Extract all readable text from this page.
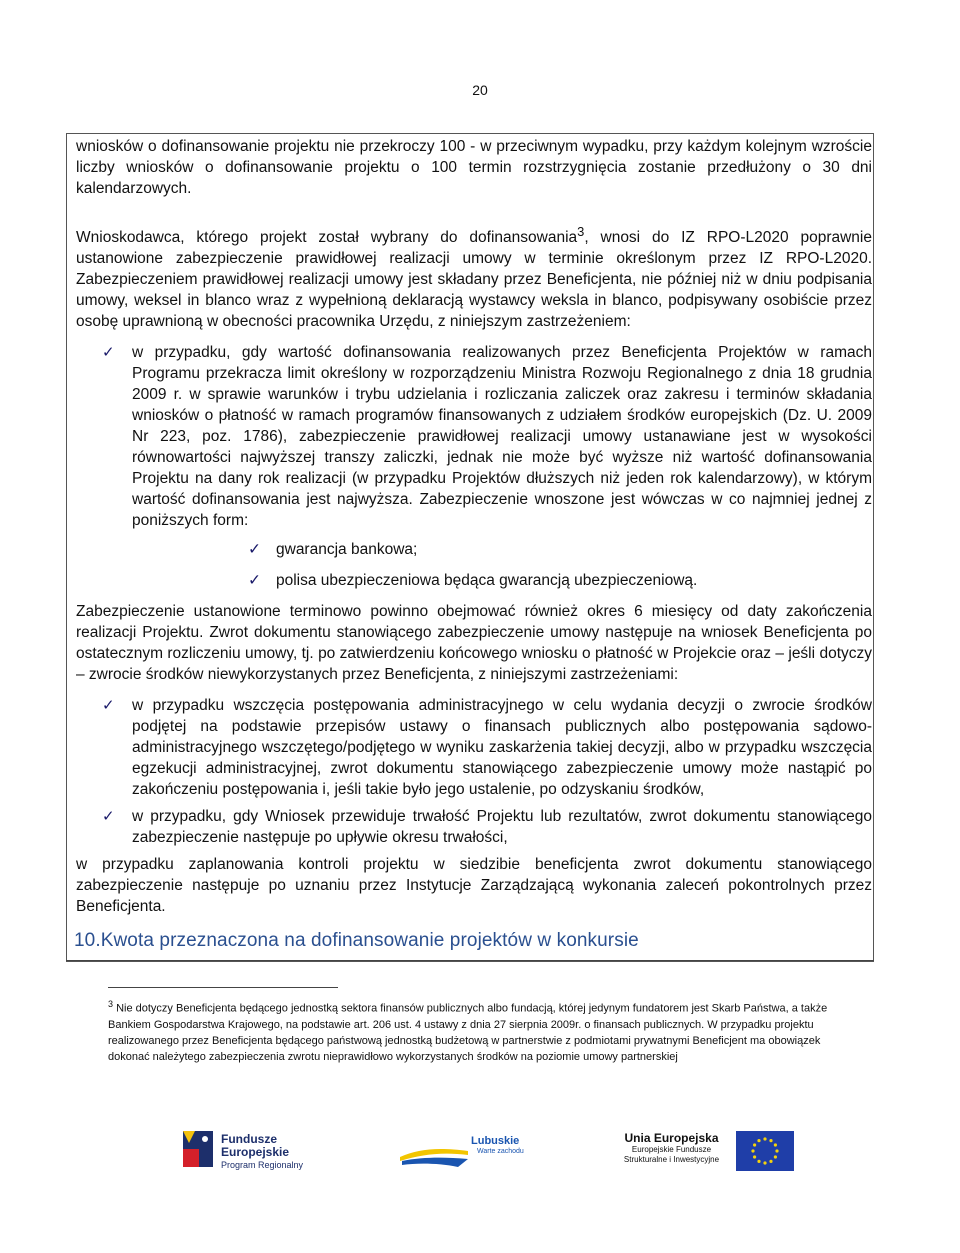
20

wniosków o dofinansowanie projektu nie przekroczy 100 - w przeciwnym wypadku, przy każdym kolejnym wzroście liczby wniosków o dofinansowanie projektu o 100 termin rozstrzygnięcia zostanie przedłużony o 30 dni kalendarzowych.

Wnioskodawca, którego projekt został wybrany do dofinansowania$^3$, wnosi do IZ RPO-L2020 poprawnie ustanowione zabezpieczenie prawidłowej realizacji umowy w terminie określonym przez IZ RPO-L2020. Zabezpieczeniem prawidłowej realizacji umowy jest składany przez Beneficjenta, nie później niż w dniu podpisania umowy, weksel in blanco wraz z wypełnioną deklaracją wystawcy weksla in blanco, podpisywany osobiście przez osobę uprawnioną w obecności pracownika Urzędu, z niniejszym zastrzeżeniem:

✓ w przypadku, gdy wartość dofinansowania realizowanych przez Beneficjenta Projektów w ramach Programu przekracza limit określony w rozporządzeniu Ministra Rozwoju Regionalnego z dnia 18 grudnia 2009 r. w sprawie warunków i trybu udzielania i rozliczania zaliczek oraz zakresu i terminów składania wniosków o płatność w ramach programów finansowanych z udziałem środków europejskich (Dz. U. 2009 Nr 223, poz. 1786), zabezpieczenie prawidłowej realizacji umowy ustanawiane jest w wysokości równowartości najwyższej transzy zaliczki, jednak nie może być wyższe niż wartość dofinansowania Projektu na dany rok realizacji (w przypadku Projektów dłuższych niż jeden rok kalendarzowy), w którym wartość dofinansowania jest najwyższa. Zabezpieczenie wnoszone jest wówczas w co najmniej jednej z poniższych form:
✓ gwarancja bankowa;
✓ polisa ubezpieczeniowa będąca gwarancją ubezpieczeniową.

Zabezpieczenie ustanowione terminowo powinno obejmować również okres 6 miesięcy od daty zakończenia realizacji Projektu. Zwrot dokumentu stanowiącego zabezpieczenie umowy następuje na wniosek Beneficjenta po ostatecznym rozliczeniu umowy, tj. po zatwierdzeniu końcowego wniosku o płatność w Projekcie oraz – jeśli dotyczy – zwrocie środków niewykorzystanych przez Beneficjenta, z niniejszymi zastrzeżeniami:

✓ w przypadku wszczęcia postępowania administracyjnego w celu wydania decyzji o zwrocie środków podjętej na podstawie przepisów ustawy o finansach publicznych albo postępowania sądowo-administracyjnego wszczętego/podjętego w wyniku zaskarżenia takiej decyzji, albo w przypadku wszczęcia egzekucji administracyjnej, zwrot dokumentu stanowiącego zabezpieczenie umowy może nastąpić po zakończeniu postępowania i, jeśli takie było jego ustalenie, po odzyskaniu środków,
✓ w przypadku, gdy Wniosek przewiduje trwałość Projektu lub rezultatów, zwrot dokumentu stanowiącego zabezpieczenie następuje po upływie okresu trwałości,

w przypadku zaplanowania kontroli projektu w siedzibie beneficjenta zwrot dokumentu stanowiącego zabezpieczenie następuje po uznaniu przez Instytucje Zarządzającą wykonania zaleceń pokontrolnych przez Beneficjenta.

10.Kwota przeznaczona na dofinansowanie projektów w konkursie
$^3$ Nie dotyczy Beneficjenta będącego jednostką sektora finansów publicznych albo fundacją, której jedynym fundatorem jest Skarb Państwa, a także Bankiem Gospodarstwa Krajowego, na podstawie art. 206 ust. 4 ustawy z dnia 27 sierpnia 2009r. o finansach publicznych. W przypadku projektu realizowanego przez Beneficjenta będącego państwową jednostką budżetową w partnerstwie z podmiotami prywatnymi Beneficjent ma obowiązek dokonać należytego zabezpieczenia zwrotu nieprawidłowo wykorzystanych środków na poziomie umowy partnerskiej
Fundusze
Europejskie
Program Regionalny
Lubuskie
Warte zachodu
Unia Europejska
Europejskie Fundusze
Strukturalne i Inwestycyjne
